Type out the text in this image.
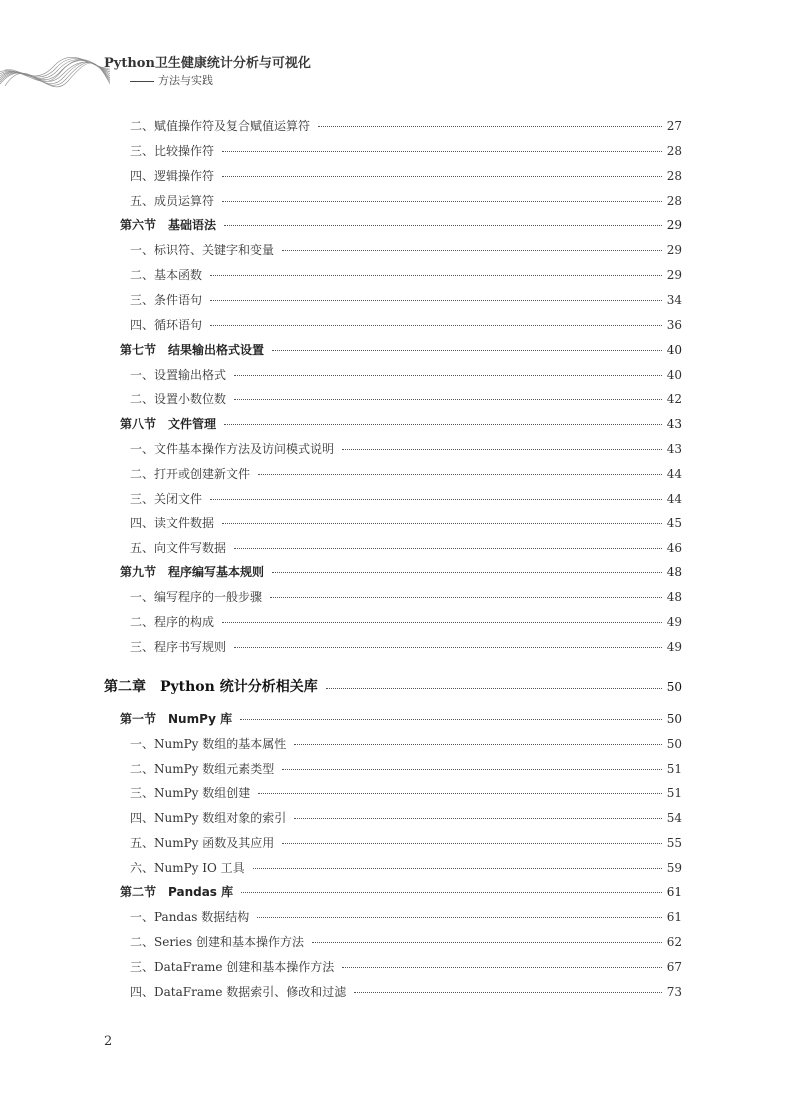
Python卫生健康统计分析与可视化
方法与实践
二、赋值操作符及复合赋值运算符	27
三、比较操作符	28
四、逻辑操作符	28
五、成员运算符	28
第六节　基础语法	29
一、标识符、关键字和变量	29
二、基本函数	29
三、条件语句	34
四、循环语句	36
第七节　结果输出格式设置	40
一、设置输出格式	40
二、设置小数位数	42
第八节　文件管理	43
一、文件基本操作方法及访问模式说明	43
二、打开或创建新文件	44
三、关闭文件	44
四、读文件数据	45
五、向文件写数据	46
第九节　程序编写基本规则	48
一、编写程序的一般步骤	48
二、程序的构成	49
三、程序书写规则	49
第二章　Python 统计分析相关库	50
第一节　NumPy 库	50
一、NumPy 数组的基本属性	50
二、NumPy 数组元素类型	51
三、NumPy 数组创建	51
四、NumPy 数组对象的索引	54
五、NumPy 函数及其应用	55
六、NumPy IO 工具	59
第二节　Pandas 库	61
一、Pandas 数据结构	61
二、Series 创建和基本操作方法	62
三、DataFrame 创建和基本操作方法	67
四、DataFrame 数据索引、修改和过滤	73
2
